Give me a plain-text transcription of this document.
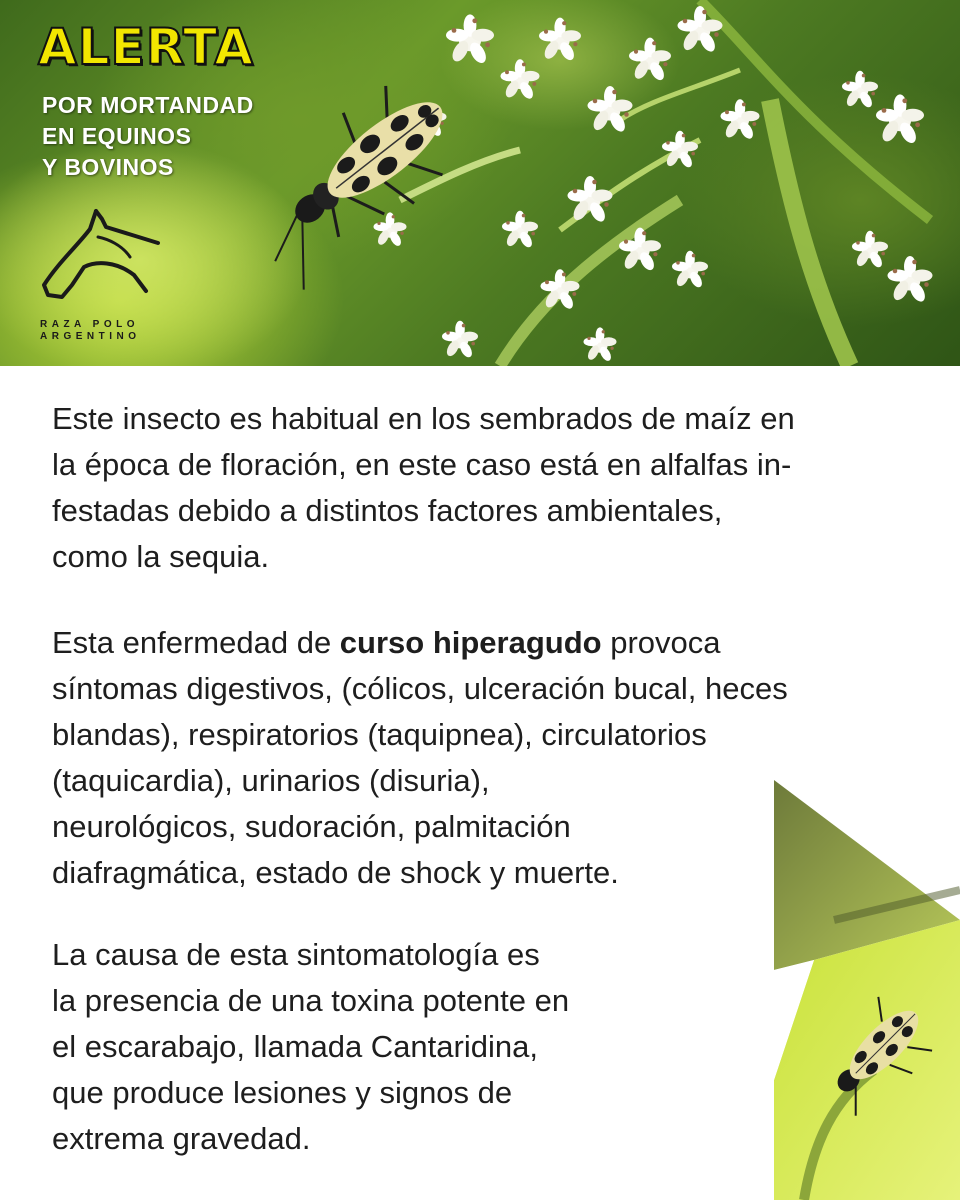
ALERTA
POR MORTANDAD
EN EQUINOS
Y BOVINOS
RAZA POLO
ARGENTINO

Este insecto es habitual en los sembrados de maíz en
la época de floración, en este caso está en alfalfas in-
festadas debido a distintos factores ambientales,
como la sequia.

Esta enfermedad de curso hiperagudo provoca
síntomas digestivos, (cólicos, ulceración bucal, heces
blandas), respiratorios (taquipnea), circulatorios
(taquicardia), urinarios (disuria),
neurológicos, sudoración, palmitación
diafragmática, estado de shock y muerte.

La causa de esta sintomatología es
la presencia de una toxina potente en
el escarabajo, llamada Cantaridina,
que produce lesiones y signos de
extrema gravedad.
